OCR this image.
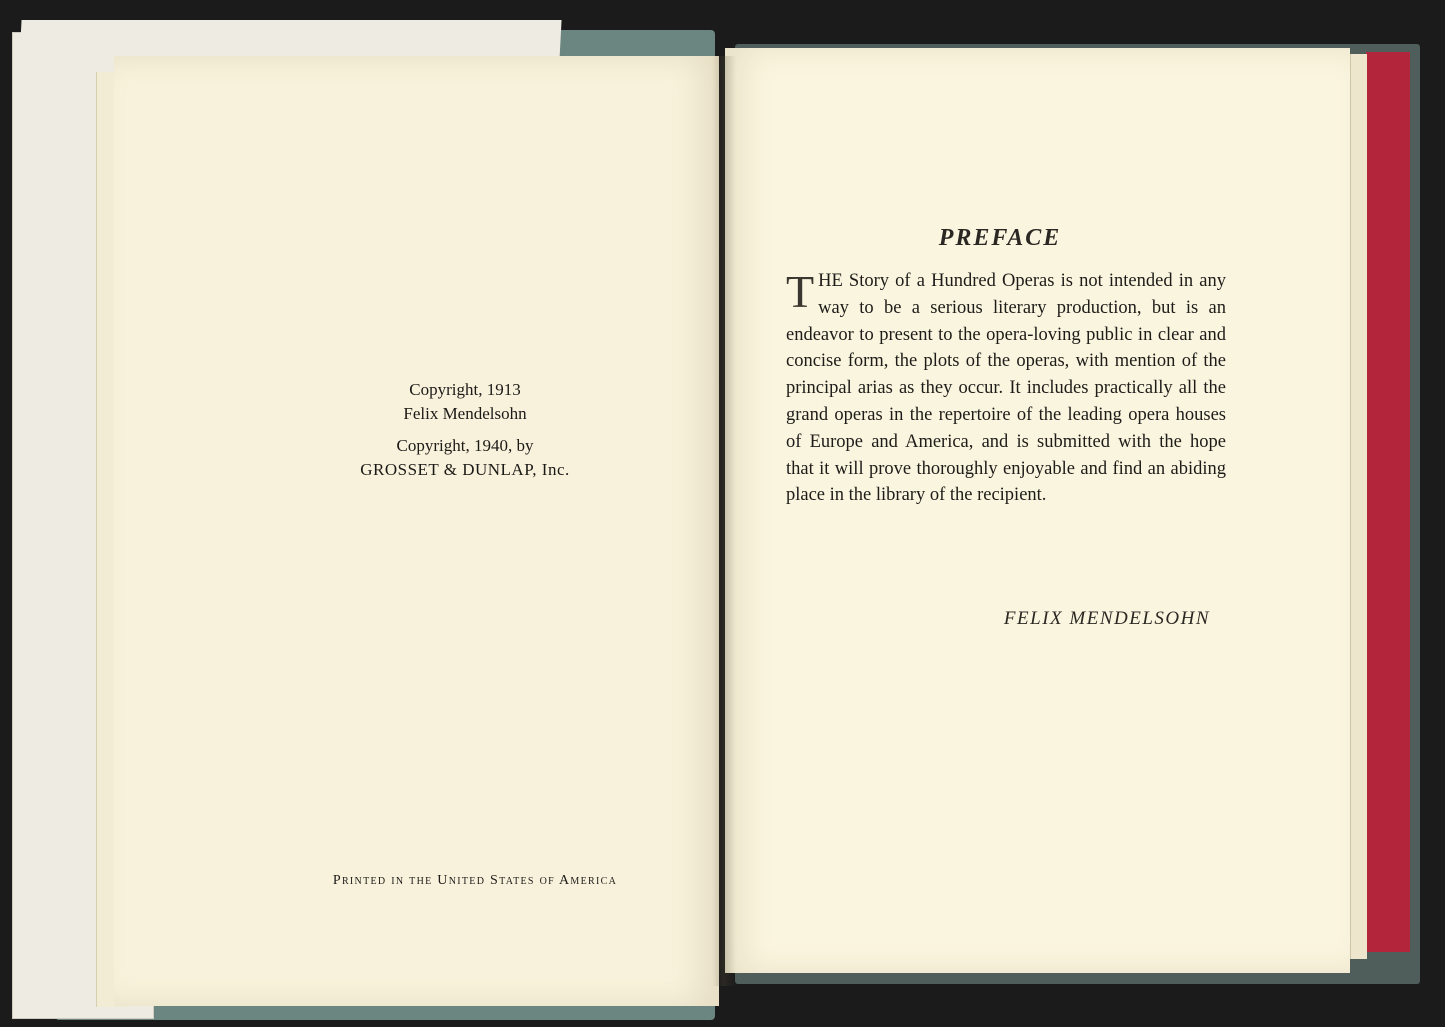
Copyright, 1913
Felix Mendelsohn
Copyright, 1940, by
GROSSET & DUNLAP, Inc.
Printed in the United States of America
PREFACE
T HE Story of a Hundred Operas is not intended in any way to be a serious literary production, but is an endeavor to present to the opera-loving public in clear and concise form, the plots of the operas, with mention of the principal arias as they occur. It includes practically all the grand operas in the repertoire of the leading opera houses of Europe and America, and is submitted with the hope that it will prove thoroughly enjoyable and find an abiding place in the library of the recipient.
FELIX MENDELSOHN
